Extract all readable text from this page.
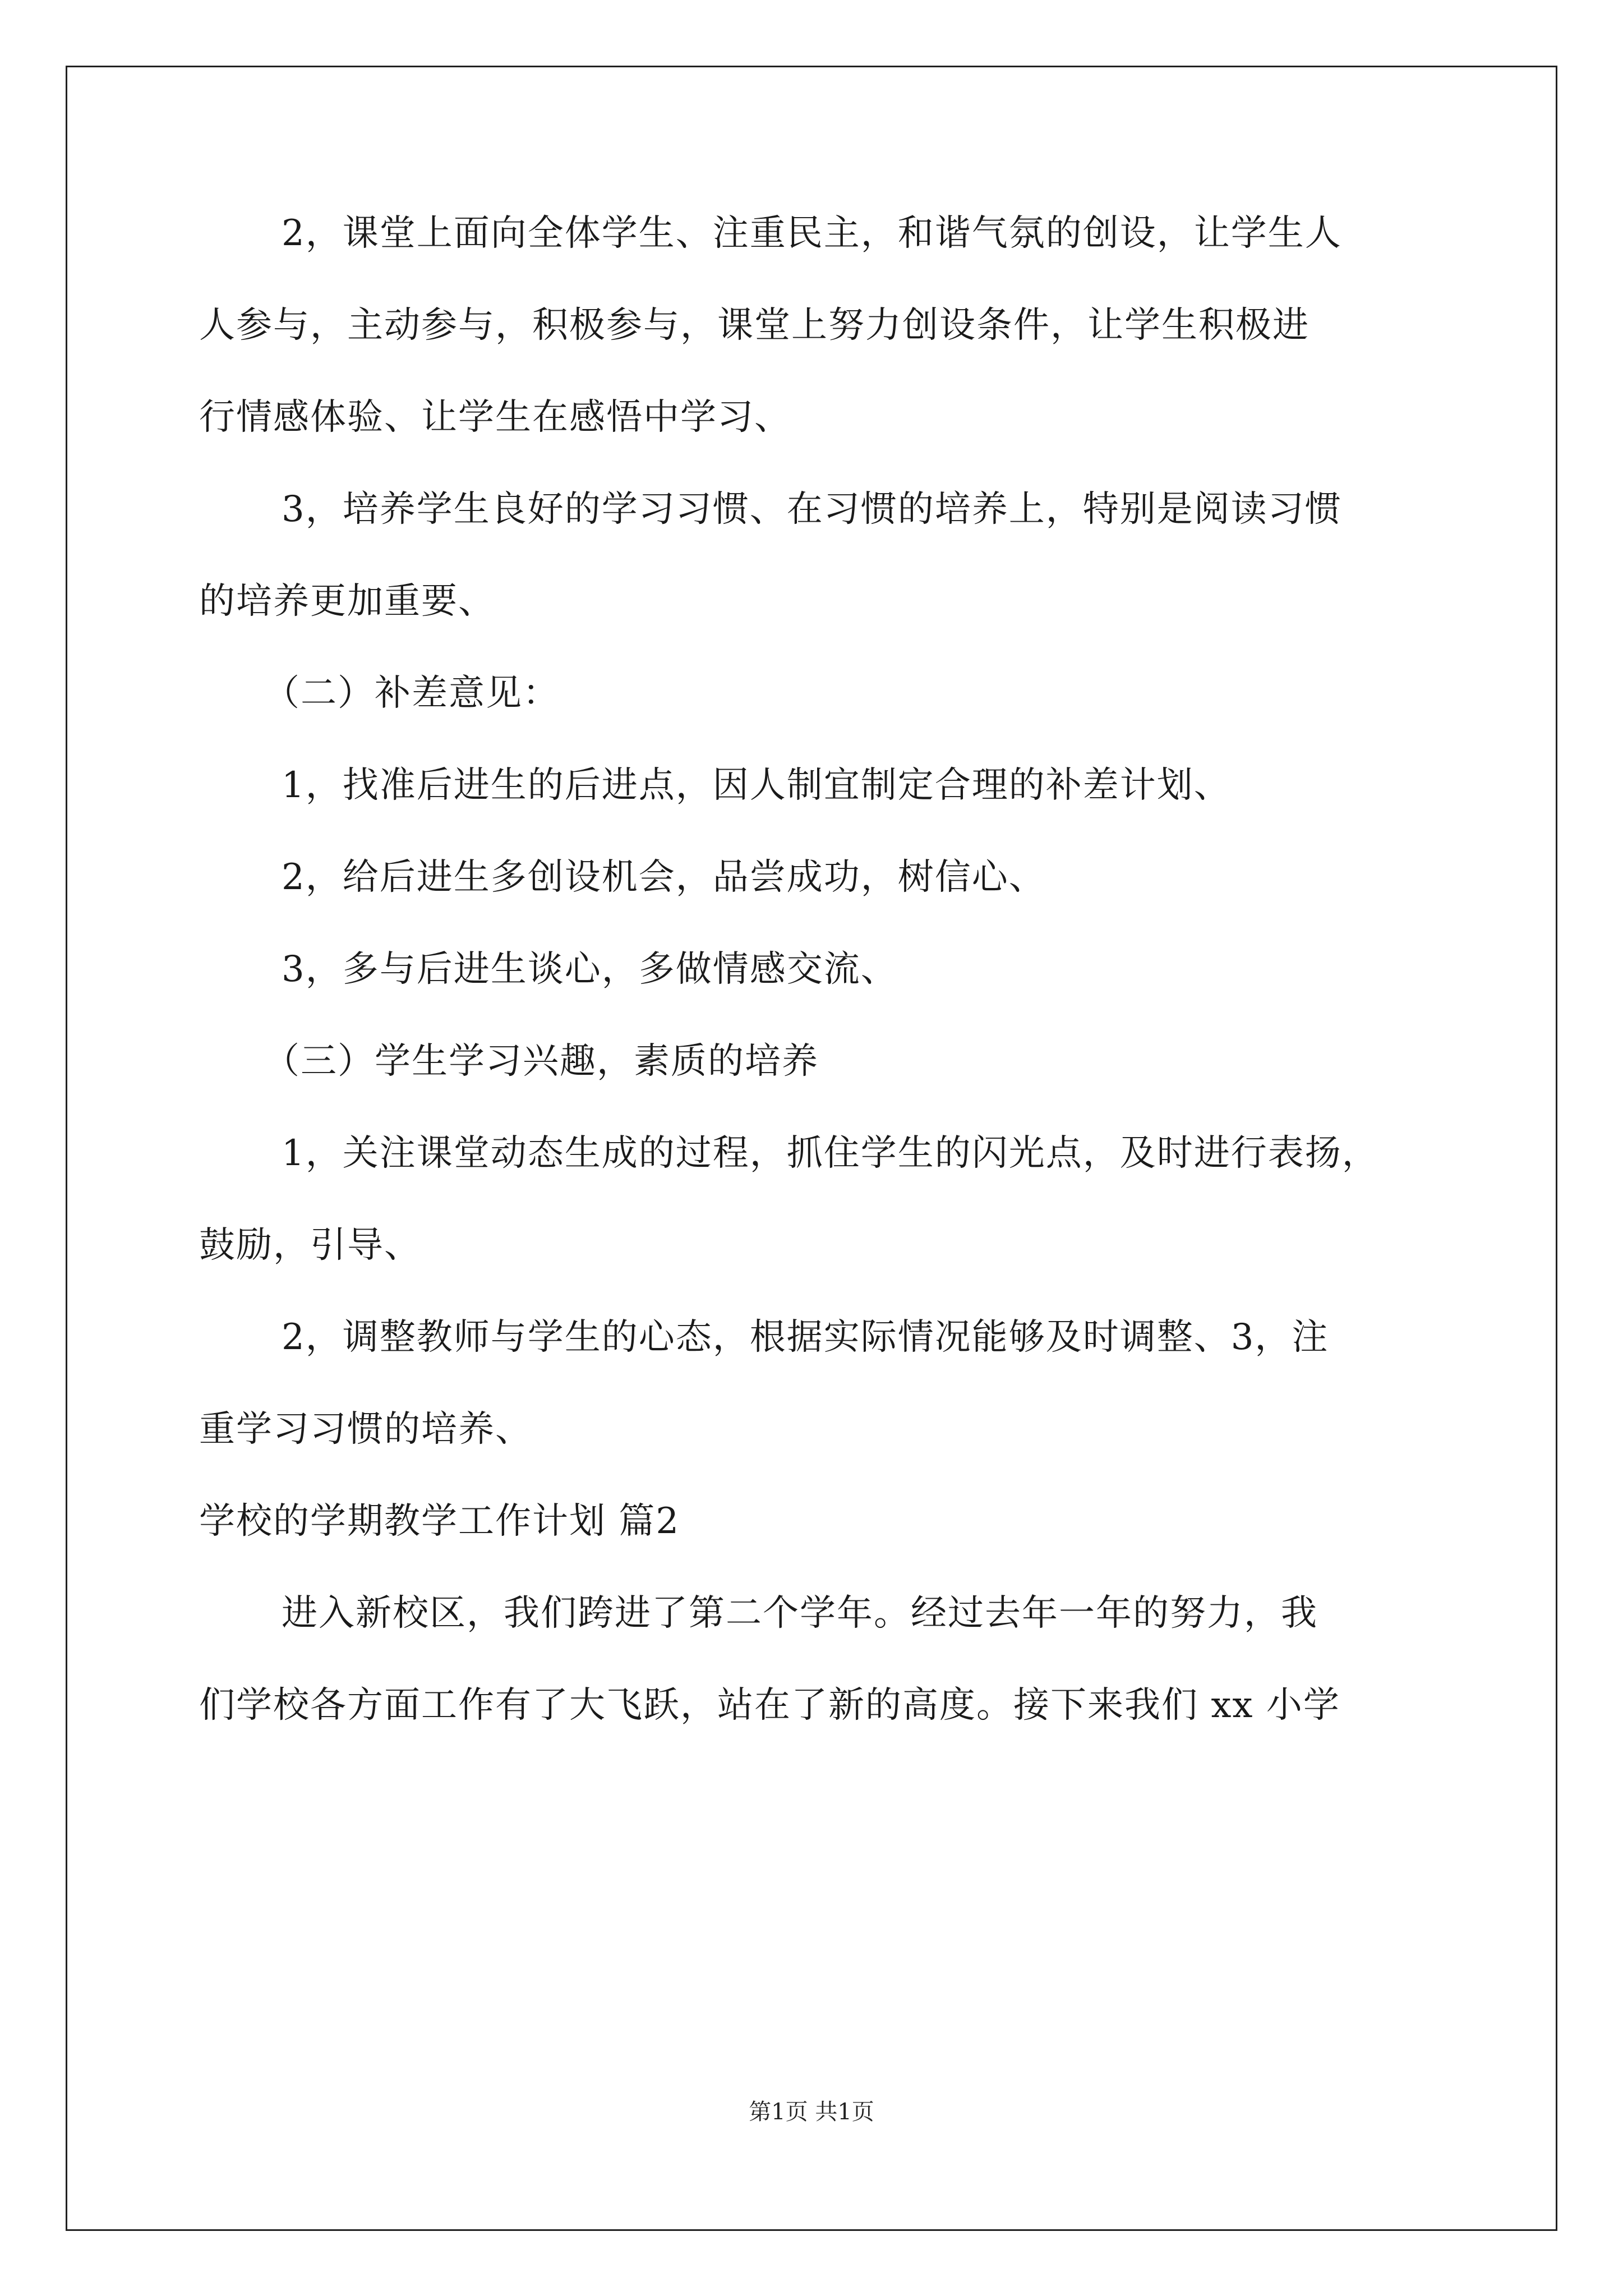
2，课堂上面向全体学生、注重民主，和谐气氛的创设，让学生人
人参与，主动参与，积极参与，课堂上努力创设条件，让学生积极进
行情感体验、让学生在感悟中学习、
3，培养学生良好的学习习惯、在习惯的培养上，特别是阅读习惯
的培养更加重要、
（二）补差意见：
1，找准后进生的后进点，因人制宜制定合理的补差计划、
2，给后进生多创设机会，品尝成功，树信心、
3，多与后进生谈心，多做情感交流、
（三）学生学习兴趣，素质的培养
1，关注课堂动态生成的过程，抓住学生的闪光点，及时进行表扬，
鼓励，引导、
2，调整教师与学生的心态，根据实际情况能够及时调整、3，注
重学习习惯的培养、
学校的学期教学工作计划 篇2
进入新校区，我们跨进了第二个学年。经过去年一年的努力，我
们学校各方面工作有了大飞跃，站在了新的高度。接下来我们 xx 小学
第1页 共1页
